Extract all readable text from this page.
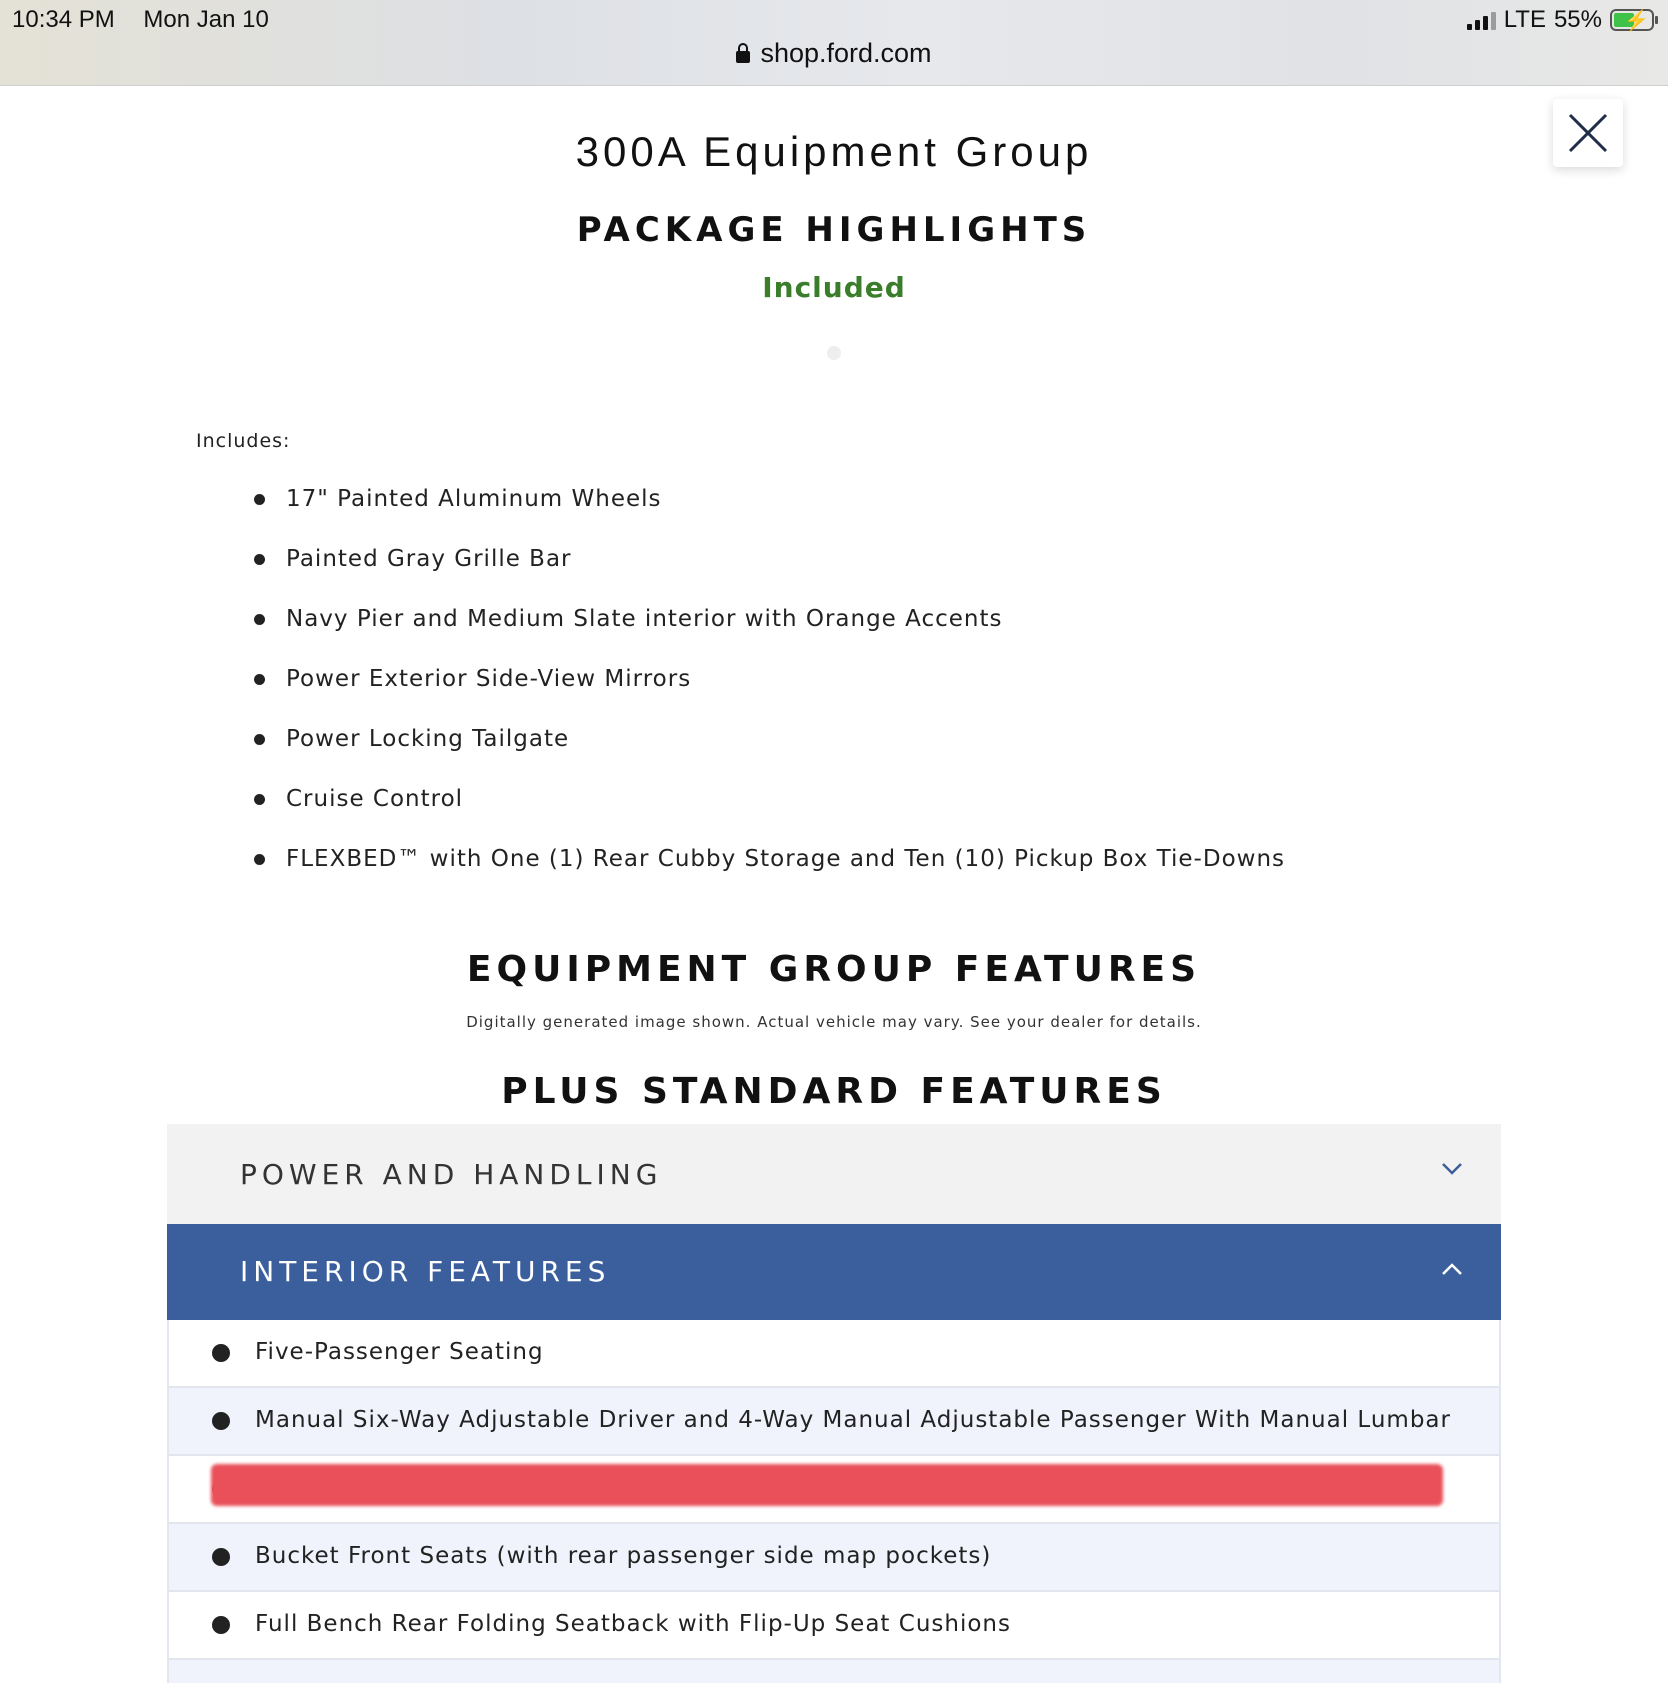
10:34 PM Mon Jan 10	LTE 55% ⚡
shop.ford.com
300A Equipment Group
PACKAGE HIGHLIGHTS
Included
Includes:
17" Painted Aluminum Wheels
Painted Gray Grille Bar
Navy Pier and Medium Slate interior with Orange Accents
Power Exterior Side-View Mirrors
Power Locking Tailgate
Cruise Control
FLEXBED™ with One (1) Rear Cubby Storage and Ten (10) Pickup Box Tie-Downs
EQUIPMENT GROUP FEATURES
Digitally generated image shown. Actual vehicle may vary. See your dealer for details.
PLUS STANDARD FEATURES
POWER AND HANDLING
INTERIOR FEATURES
Five-Passenger Seating
Manual Six-Way Adjustable Driver and 4-Way Manual Adjustable Passenger With Manual Lumbar
Bucket Front Seats (with rear passenger side map pockets)
Full Bench Rear Folding Seatback with Flip-Up Seat Cushions
